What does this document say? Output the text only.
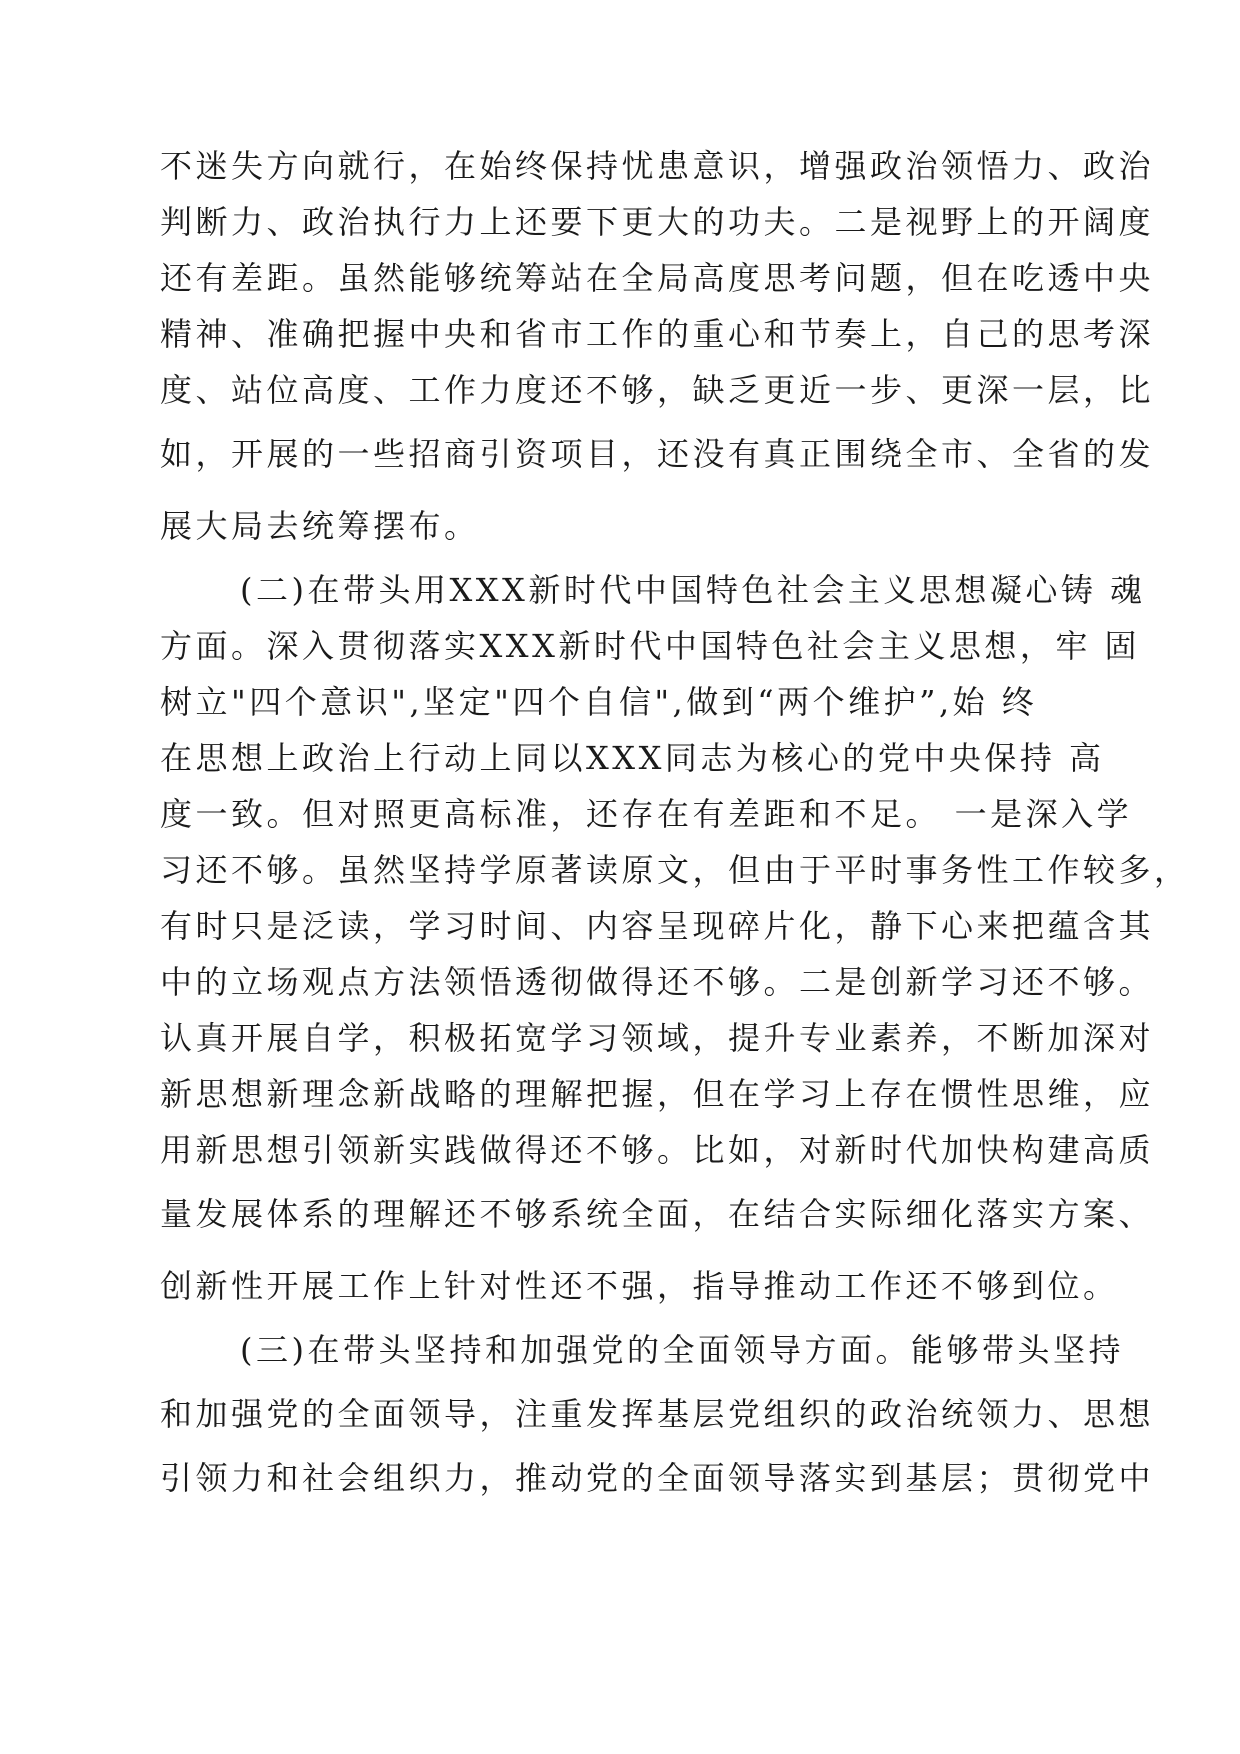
不迷失方向就行，在始终保持忧患意识，增强政治领悟力、政治
判断力、政治执行力上还要下更大的功夫。二是视野上的开阔度
还有差距。虽然能够统筹站在全局高度思考问题，但在吃透中央
精神、准确把握中央和省市工作的重心和节奏上，自己的思考深
度、站位高度、工作力度还不够，缺乏更近一步、更深一层，比
如，开展的一些招商引资项目，还没有真正围绕全市、全省的发
展大局去统筹摆布。
(二)在带头用XXX新时代中国特色社会主义思想凝心铸 魂
方面。深入贯彻落实XXX新时代中国特色社会主义思想，牢 固
树立"四个意识",坚定"四个自信",做到“两个维护”,始 终
在思想上政治上行动上同以XXX同志为核心的党中央保持 高
度一致。但对照更高标准，还存在有差距和不足。 一是深入学
习还不够。虽然坚持学原著读原文，但由于平时事务性工作较多，
有时只是泛读，学习时间、内容呈现碎片化，静下心来把蕴含其
中的立场观点方法领悟透彻做得还不够。二是创新学习还不够。
认真开展自学，积极拓宽学习领域，提升专业素养，不断加深对
新思想新理念新战略的理解把握，但在学习上存在惯性思维，应
用新思想引领新实践做得还不够。比如，对新时代加快构建高质
量发展体系的理解还不够系统全面，在结合实际细化落实方案、
创新性开展工作上针对性还不强，指导推动工作还不够到位。
(三)在带头坚持和加强党的全面领导方面。能够带头坚持
和加强党的全面领导，注重发挥基层党组织的政治统领力、思想
引领力和社会组织力，推动党的全面领导落实到基层；贯彻党中
